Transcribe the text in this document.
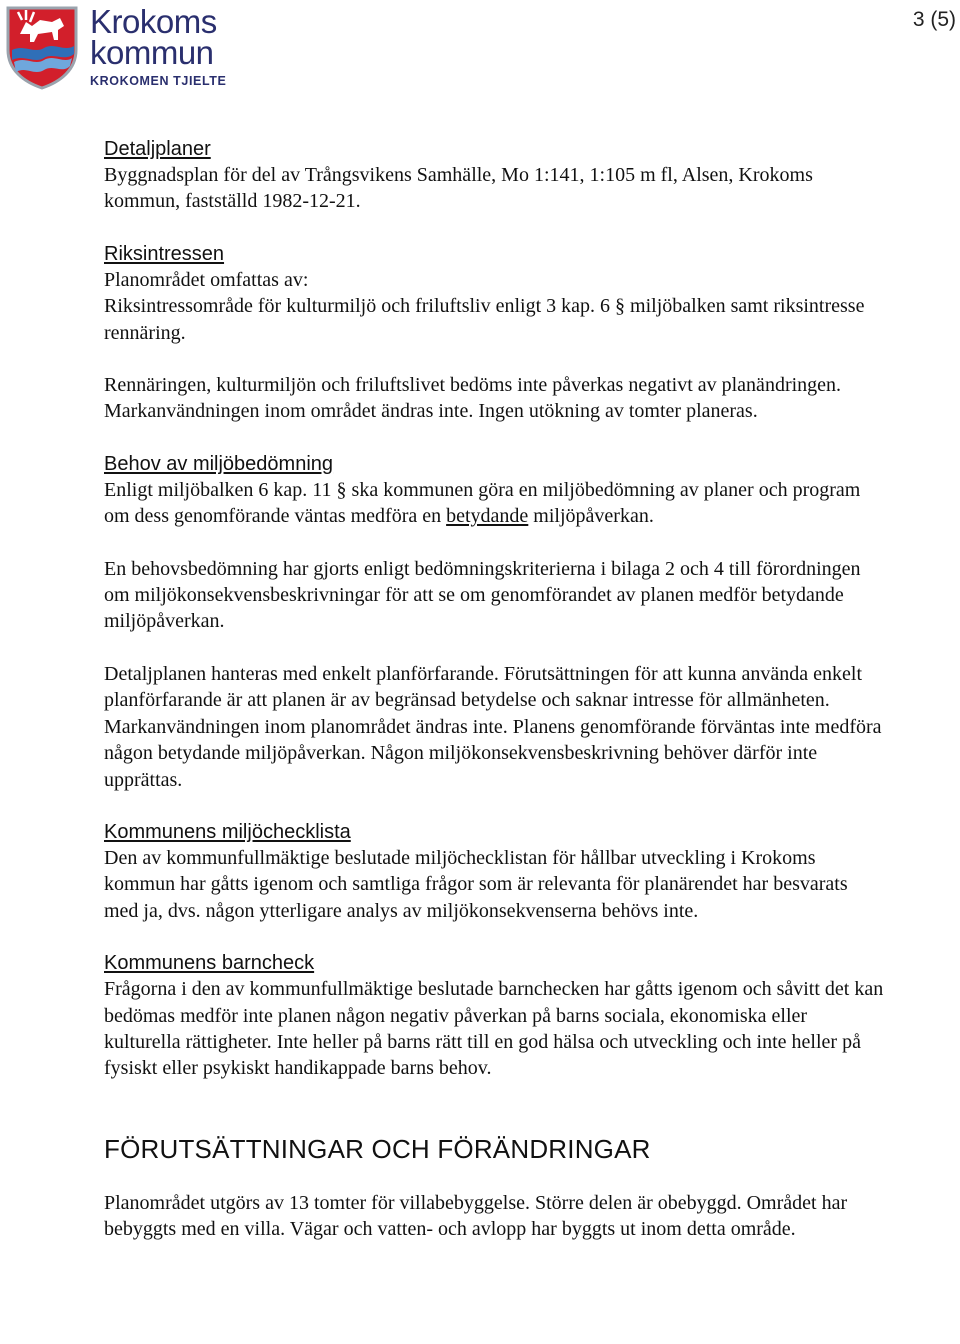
3 (5)
Krokoms
kommun
KROKOMEN TJIELTE
Detaljplaner

Byggnadsplan för del av Trångsvikens Samhälle, Mo 1:141, 1:105 m fl, Alsen, Krokoms kommun, fastställd 1982-12-21.

Riksintressen

Planområdet omfattas av:

Riksintressområde för kulturmiljö och friluftsliv enligt 3 kap. 6 § miljöbalken samt riksintresse rennäring.

Rennäringen, kulturmiljön och friluftslivet bedöms inte påverkas negativt av planändringen. Markanvändningen inom området ändras inte. Ingen utökning av tomter planeras.

Behov av miljöbedömning

Enligt miljöbalken 6 kap. 11 § ska kommunen göra en miljöbedömning av planer och program om dess genomförande väntas medföra en betydande miljöpåverkan.

En behovsbedömning har gjorts enligt bedömningskriterierna i bilaga 2 och 4 till förordningen om miljökonsekvensbeskrivningar för att se om genomförandet av planen medför betydande miljöpåverkan.

Detaljplanen hanteras med enkelt planförfarande. Förutsättningen för att kunna använda enkelt planförfarande är att planen är av begränsad betydelse och saknar intresse för allmänheten. Markanvändningen inom planområdet ändras inte. Planens genomförande förväntas inte medföra någon betydande miljöpåverkan. Någon miljökonsekvensbeskrivning behöver därför inte upprättas.

Kommunens miljöchecklista

Den av kommunfullmäktige beslutade miljöchecklistan för hållbar utveckling i Krokoms kommun har gåtts igenom och samtliga frågor som är relevanta för planärendet har besvarats med ja, dvs. någon ytterligare analys av miljökonsekvenserna behövs inte.

Kommunens barncheck

Frågorna i den av kommunfullmäktige beslutade barnchecken har gåtts igenom och såvitt det kan bedömas medför inte planen någon negativ påverkan på barns sociala, ekonomiska eller kulturella rättigheter. Inte heller på barns rätt till en god hälsa och utveckling och inte heller på fysiskt eller psykiskt handikappade barns behov.

FÖRUTSÄTTNINGAR OCH FÖRÄNDRINGAR

Planområdet utgörs av 13 tomter för villabebyggelse. Större delen är obebyggd. Området har bebyggts med en villa. Vägar och vatten- och avlopp har byggts ut inom detta område.
